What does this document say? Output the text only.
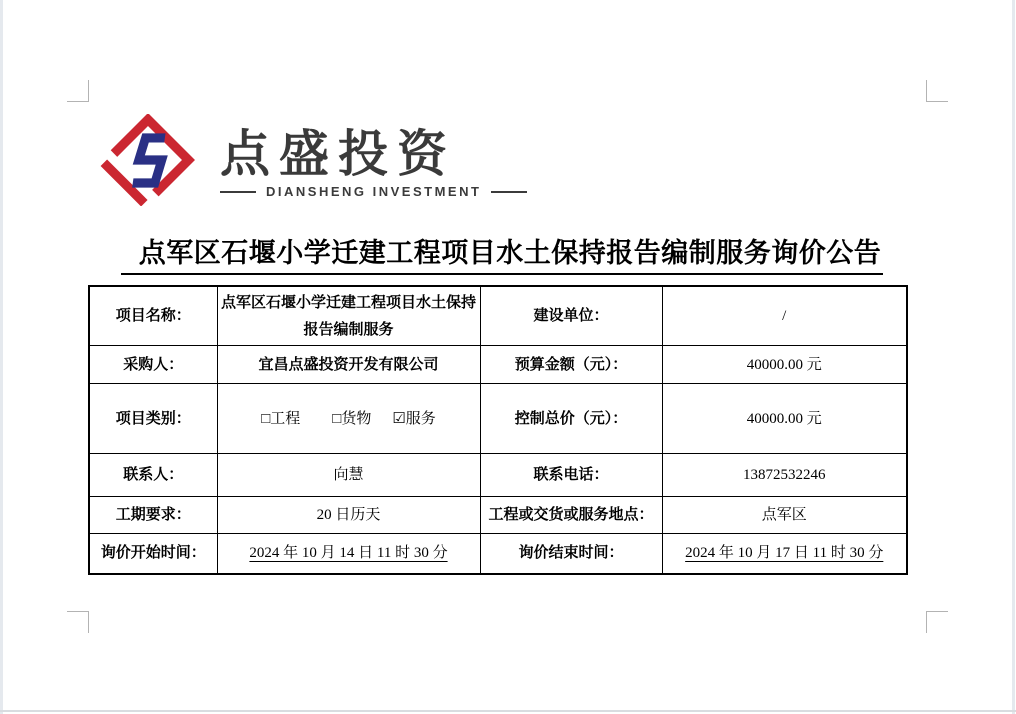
点盛投资
DIANSHENG INVESTMENT
点军区石堰小学迁建工程项目水土保持报告编制服务询价公告
项目名称：	点军区石堰小学迁建工程项目水土保持报告编制服务	建设单位：	/
采购人：	宜昌点盛投资开发有限公司	预算金额（元）：	40000.00 元
项目类别：	□工程 □货物 ☑服务	控制总价（元）：	40000.00 元
联系人：	向慧	联系电话：	13872532246
工期要求：	20 日历天	工程或交货或服务地点：	点军区
询价开始时间：	2024 年 10 月 14 日 11 时 30 分	询价结束时间：	2024 年 10 月 17 日 11 时 30 分
